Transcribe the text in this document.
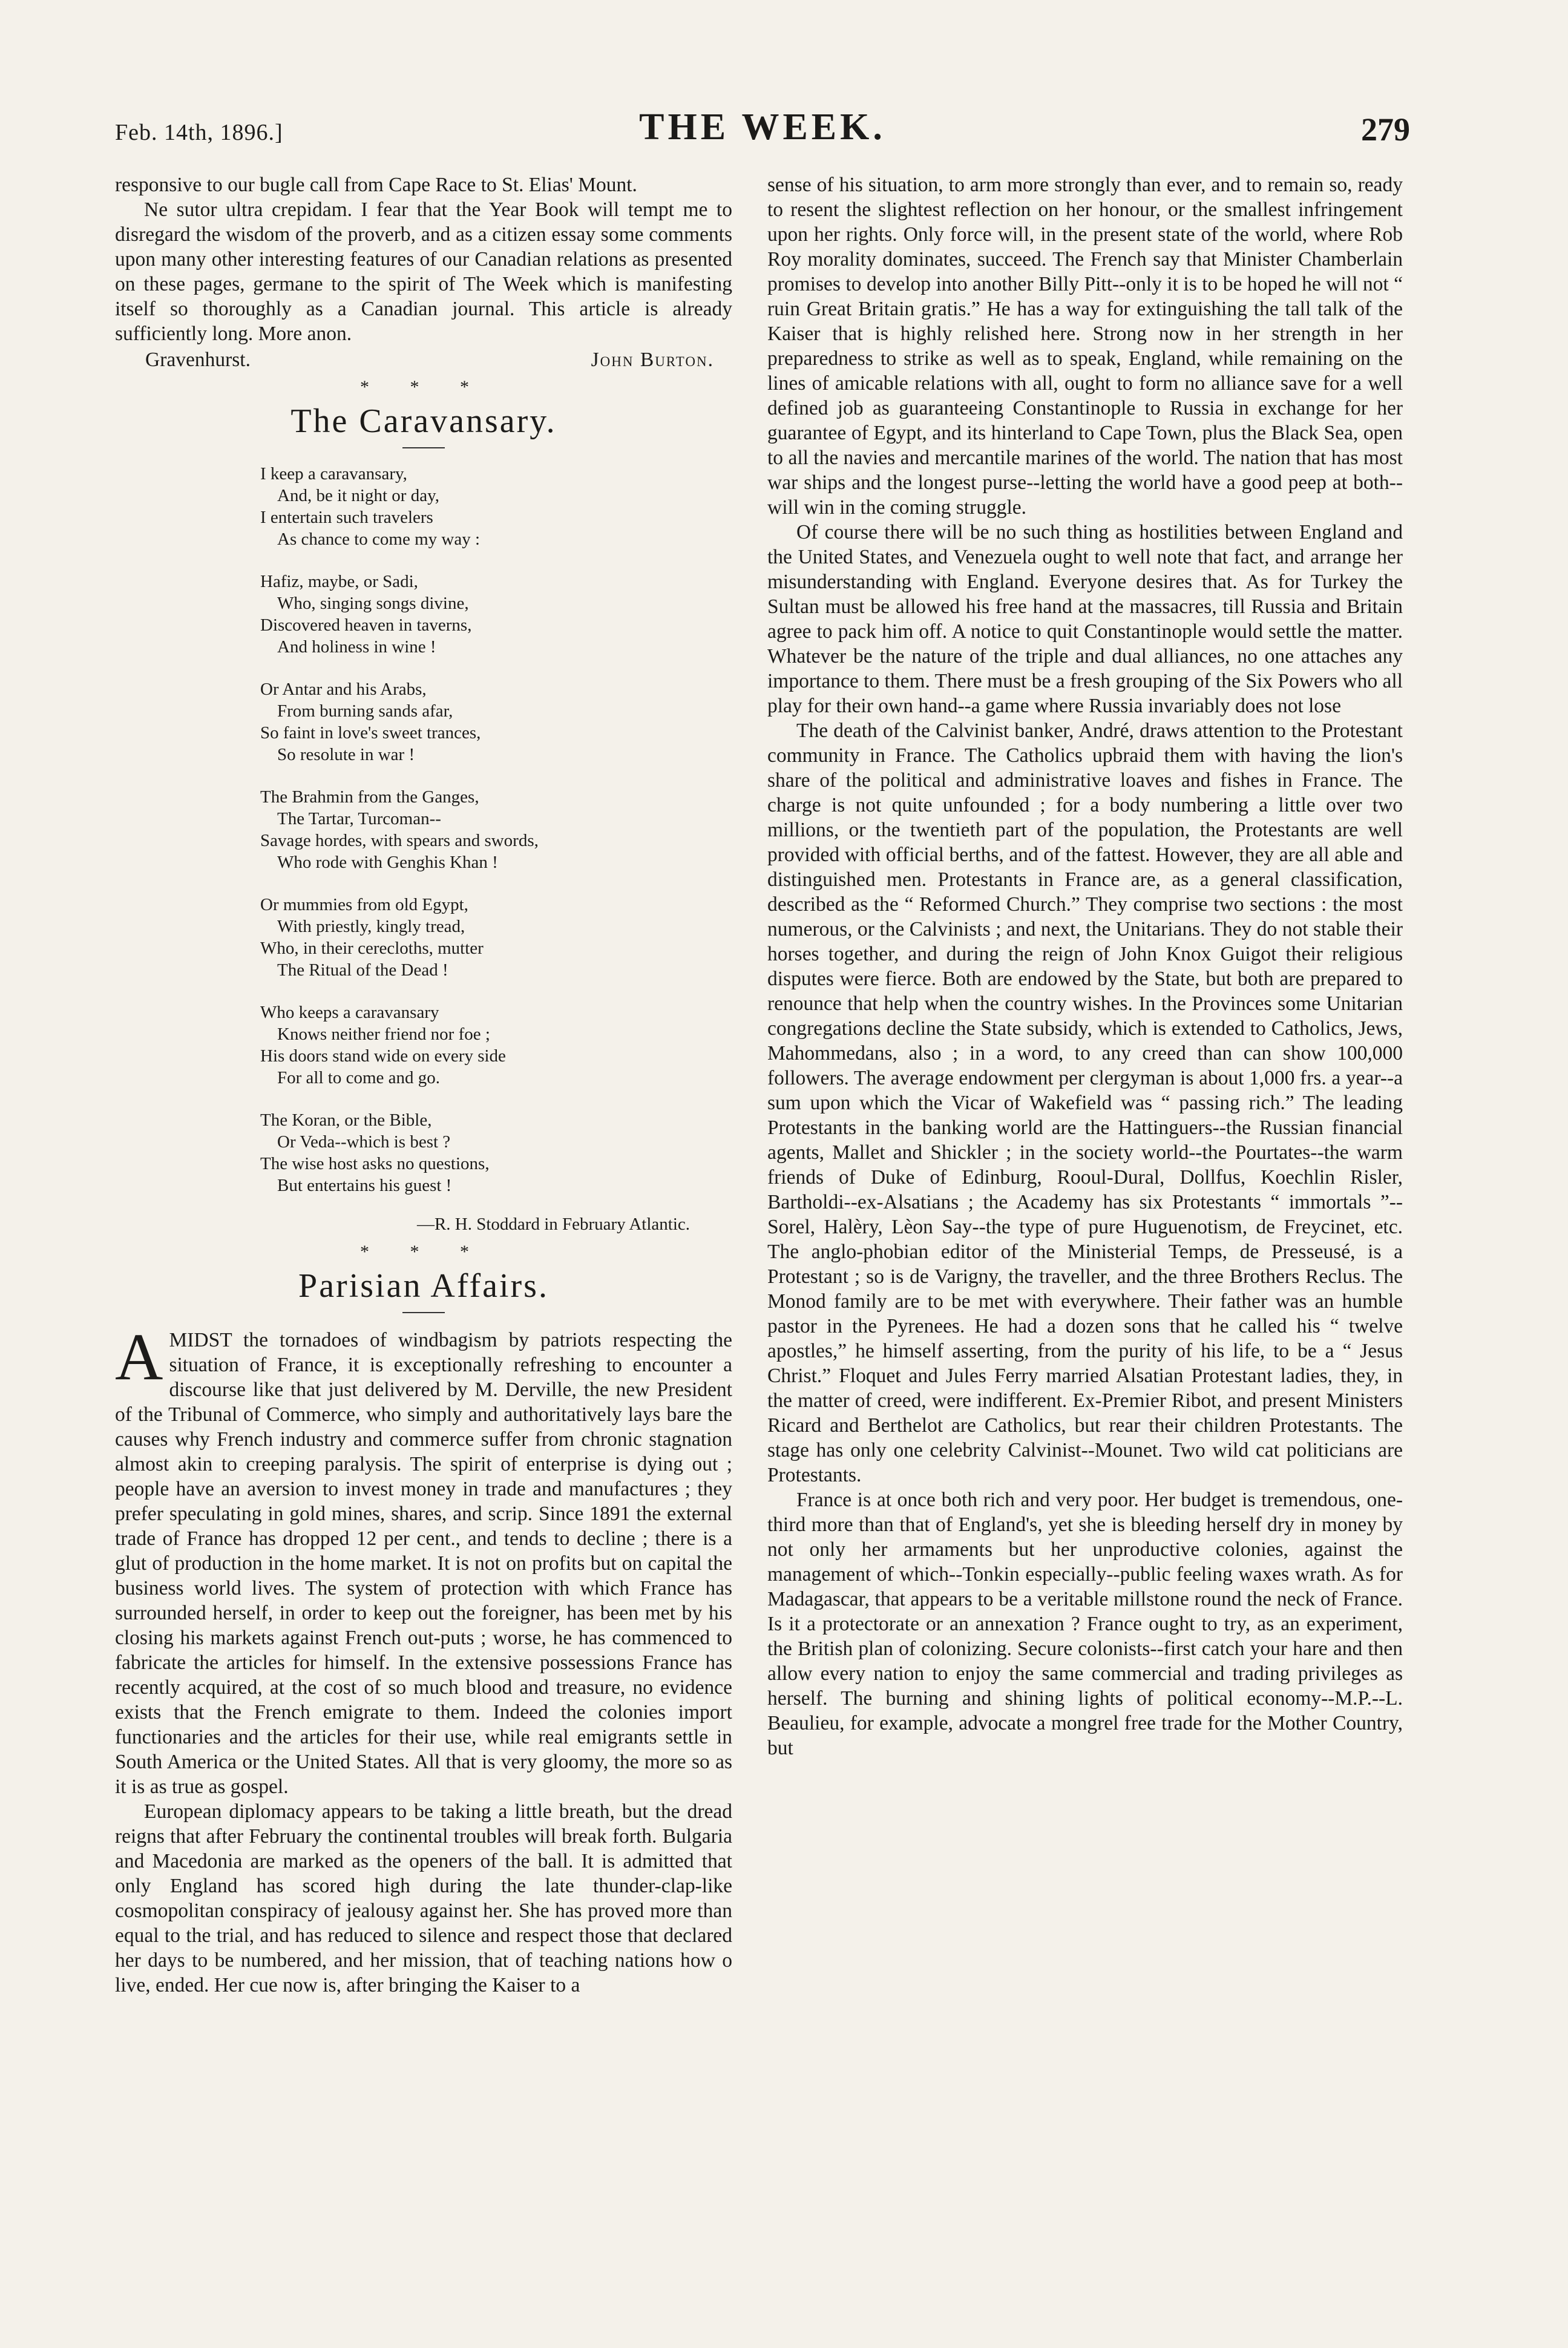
Feb. 14th, 1896.]	THE WEEK.	279

responsive to our bugle call from Cape Race to St. Elias' Mount.

Ne sutor ultra crepidam. I fear that the Year Book will tempt me to disregard the wisdom of the proverb, and as a citizen essay some comments upon many other interesting features of our Canadian relations as presented on these pages, germane to the spirit of The Week which is manifesting itself so thoroughly as a Canadian journal. This article is already sufficiently long. More anon.

Gravenhurst.	John Burton.
* * *
The Caravansary.
I keep a caravansary,
And, be it night or day,
I entertain such travelers
As chance to come my way :
Hafiz, maybe, or Sadi,
Who, singing songs divine,
Discovered heaven in taverns,
And holiness in wine !
Or Antar and his Arabs,
From burning sands afar,
So faint in love's sweet trances,
So resolute in war !
The Brahmin from the Ganges,
The Tartar, Turcoman--
Savage hordes, with spears and swords,
Who rode with Genghis Khan !
Or mummies from old Egypt,
With priestly, kingly tread,
Who, in their cerecloths, mutter
The Ritual of the Dead !
Who keeps a caravansary
Knows neither friend nor foe ;
His doors stand wide on every side
For all to come and go.
The Koran, or the Bible,
Or Veda--which is best ?
The wise host asks no questions,
But entertains his guest !
—R. H. Stoddard in February Atlantic.
* * *
Parisian Affairs.

AMIDST the tornadoes of windbagism by patriots respecting the situation of France, it is exceptionally refreshing to encounter a discourse like that just delivered by M. Derville, the new President of the Tribunal of Commerce, who simply and authoritatively lays bare the causes why French industry and commerce suffer from chronic stagnation almost akin to creeping paralysis. The spirit of enterprise is dying out ; people have an aversion to invest money in trade and manufactures ; they prefer speculating in gold mines, shares, and scrip. Since 1891 the external trade of France has dropped 12 per cent., and tends to decline ; there is a glut of production in the home market. It is not on profits but on capital the business world lives. The system of protection with which France has surrounded herself, in order to keep out the foreigner, has been met by his closing his markets against French out-puts ; worse, he has commenced to fabricate the articles for himself. In the extensive possessions France has recently acquired, at the cost of so much blood and treasure, no evidence exists that the French emigrate to them. Indeed the colonies import functionaries and the articles for their use, while real emigrants settle in South America or the United States. All that is very gloomy, the more so as it is as true as gospel.

European diplomacy appears to be taking a little breath, but the dread reigns that after February the continental troubles will break forth. Bulgaria and Macedonia are marked as the openers of the ball. It is admitted that only England has scored high during the late thunder-clap-like cosmopolitan conspiracy of jealousy against her. She has proved more than equal to the trial, and has reduced to silence and respect those that declared her days to be numbered, and her mission, that of teaching nations how o live, ended. Her cue now is, after bringing the Kaiser to a

sense of his situation, to arm more strongly than ever, and to remain so, ready to resent the slightest reflection on her honour, or the smallest infringement upon her rights. Only force will, in the present state of the world, where Rob Roy morality dominates, succeed. The French say that Minister Chamberlain promises to develop into another Billy Pitt--only it is to be hoped he will not “ ruin Great Britain gratis.” He has a way for extinguishing the tall talk of the Kaiser that is highly relished here. Strong now in her strength in her preparedness to strike as well as to speak, England, while remaining on the lines of amicable relations with all, ought to form no alliance save for a well defined job as guaranteeing Constantinople to Russia in exchange for her guarantee of Egypt, and its hinterland to Cape Town, plus the Black Sea, open to all the navies and mercantile marines of the world. The nation that has most war ships and the longest purse--letting the world have a good peep at both--will win in the coming struggle.

Of course there will be no such thing as hostilities between England and the United States, and Venezuela ought to well note that fact, and arrange her misunderstanding with England. Everyone desires that. As for Turkey the Sultan must be allowed his free hand at the massacres, till Russia and Britain agree to pack him off. A notice to quit Constantinople would settle the matter. Whatever be the nature of the triple and dual alliances, no one attaches any importance to them. There must be a fresh grouping of the Six Powers who all play for their own hand--a game where Russia invariably does not lose

The death of the Calvinist banker, André, draws attention to the Protestant community in France. The Catholics upbraid them with having the lion's share of the political and administrative loaves and fishes in France. The charge is not quite unfounded ; for a body numbering a little over two millions, or the twentieth part of the population, the Protestants are well provided with official berths, and of the fattest. However, they are all able and distinguished men. Protestants in France are, as a general classification, described as the “ Reformed Church.” They comprise two sections : the most numerous, or the Calvinists ; and next, the Unitarians. They do not stable their horses together, and during the reign of John Knox Guigot their religious disputes were fierce. Both are endowed by the State, but both are prepared to renounce that help when the country wishes. In the Provinces some Unitarian congregations decline the State subsidy, which is extended to Catholics, Jews, Mahommedans, also ; in a word, to any creed than can show 100,000 followers. The average endowment per clergyman is about 1,000 frs. a year--a sum upon which the Vicar of Wakefield was “ passing rich.” The leading Protestants in the banking world are the Hattinguers--the Russian financial agents, Mallet and Shickler ; in the society world--the Pourtates--the warm friends of Duke of Edinburg, Rooul-Dural, Dollfus, Koechlin Risler, Bartholdi--ex-Alsatians ; the Academy has six Protestants “ immortals ”--Sorel, Halèry, Lèon Say--the type of pure Huguenotism, de Freycinet, etc. The anglo-phobian editor of the Ministerial Temps, de Presseusé, is a Protestant ; so is de Varigny, the traveller, and the three Brothers Reclus. The Monod family are to be met with everywhere. Their father was an humble pastor in the Pyrenees. He had a dozen sons that he called his “ twelve apostles,” he himself asserting, from the purity of his life, to be a “ Jesus Christ.” Floquet and Jules Ferry married Alsatian Protestant ladies, they, in the matter of creed, were indifferent. Ex-Premier Ribot, and present Ministers Ricard and Berthelot are Catholics, but rear their children Protestants. The stage has only one celebrity Calvinist--Mounet. Two wild cat politicians are Protestants.

France is at once both rich and very poor. Her budget is tremendous, one-third more than that of England's, yet she is bleeding herself dry in money by not only her armaments but her unproductive colonies, against the management of which--Tonkin especially--public feeling waxes wrath. As for Madagascar, that appears to be a veritable millstone round the neck of France. Is it a protectorate or an annexation ? France ought to try, as an experiment, the British plan of colonizing. Secure colonists--first catch your hare and then allow every nation to enjoy the same commercial and trading privileges as herself. The burning and shining lights of political economy--M.P.--L. Beaulieu, for example, advocate a mongrel free trade for the Mother Country, but
